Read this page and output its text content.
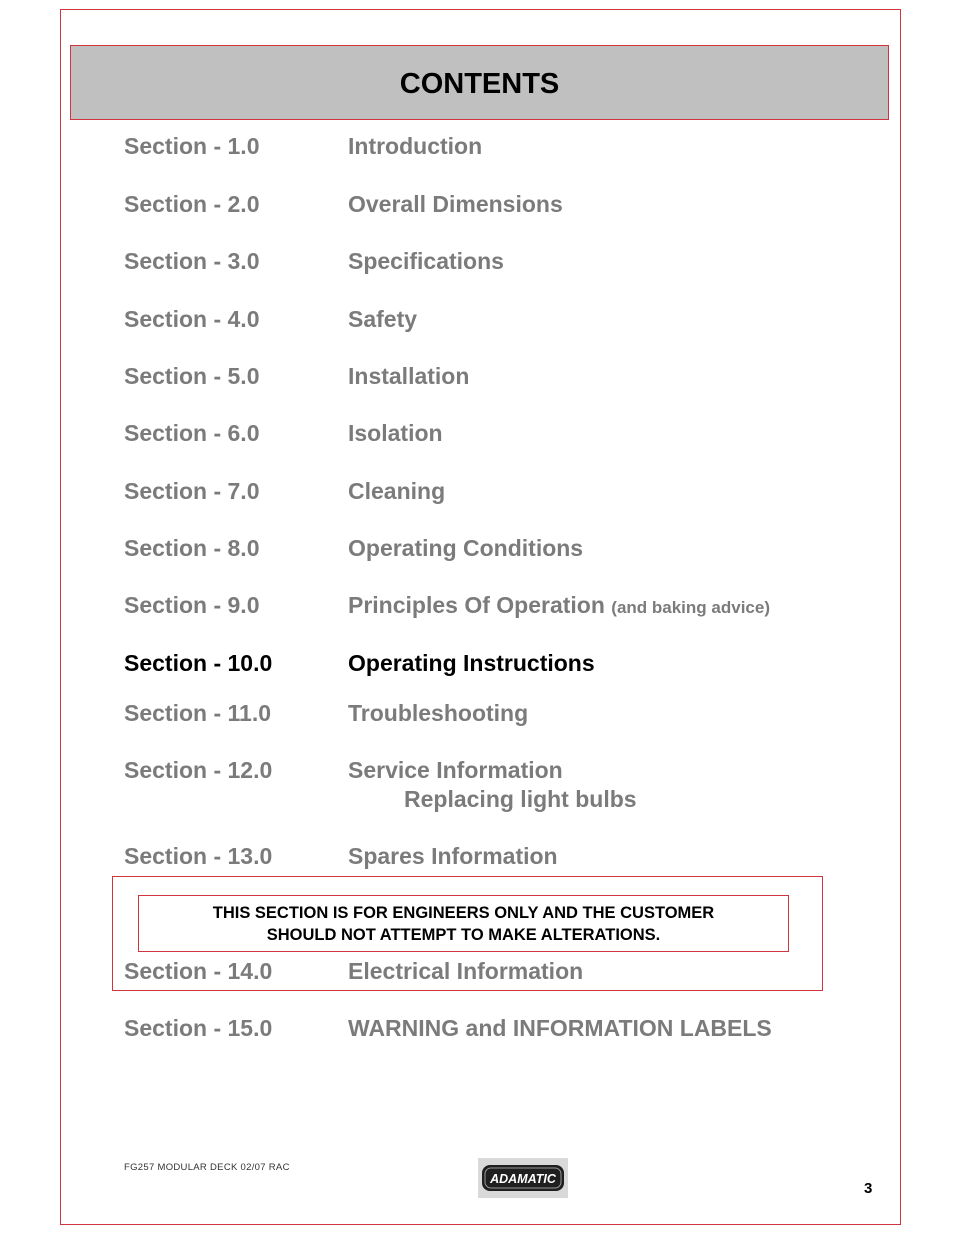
CONTENTS
Section - 1.0	Introduction
Section - 2.0	Overall Dimensions
Section - 3.0	Specifications
Section - 4.0	Safety
Section - 5.0	Installation
Section - 6.0	Isolation
Section - 7.0	Cleaning
Section - 8.0	Operating Conditions
Section - 9.0	Principles Of Operation (and baking advice)
Section - 10.0	Operating Instructions
Section - 11.0	Troubleshooting
Section - 12.0	Service Information
Replacing light bulbs
Section - 13.0	Spares Information
THIS SECTION IS FOR ENGINEERS ONLY AND THE CUSTOMER
SHOULD NOT ATTEMPT TO MAKE ALTERATIONS.
Section - 14.0	Electrical Information
Section - 15.0	WARNING and INFORMATION LABELS
FG257 MODULAR DECK 02/07 RAC
ADAMATIC
3
